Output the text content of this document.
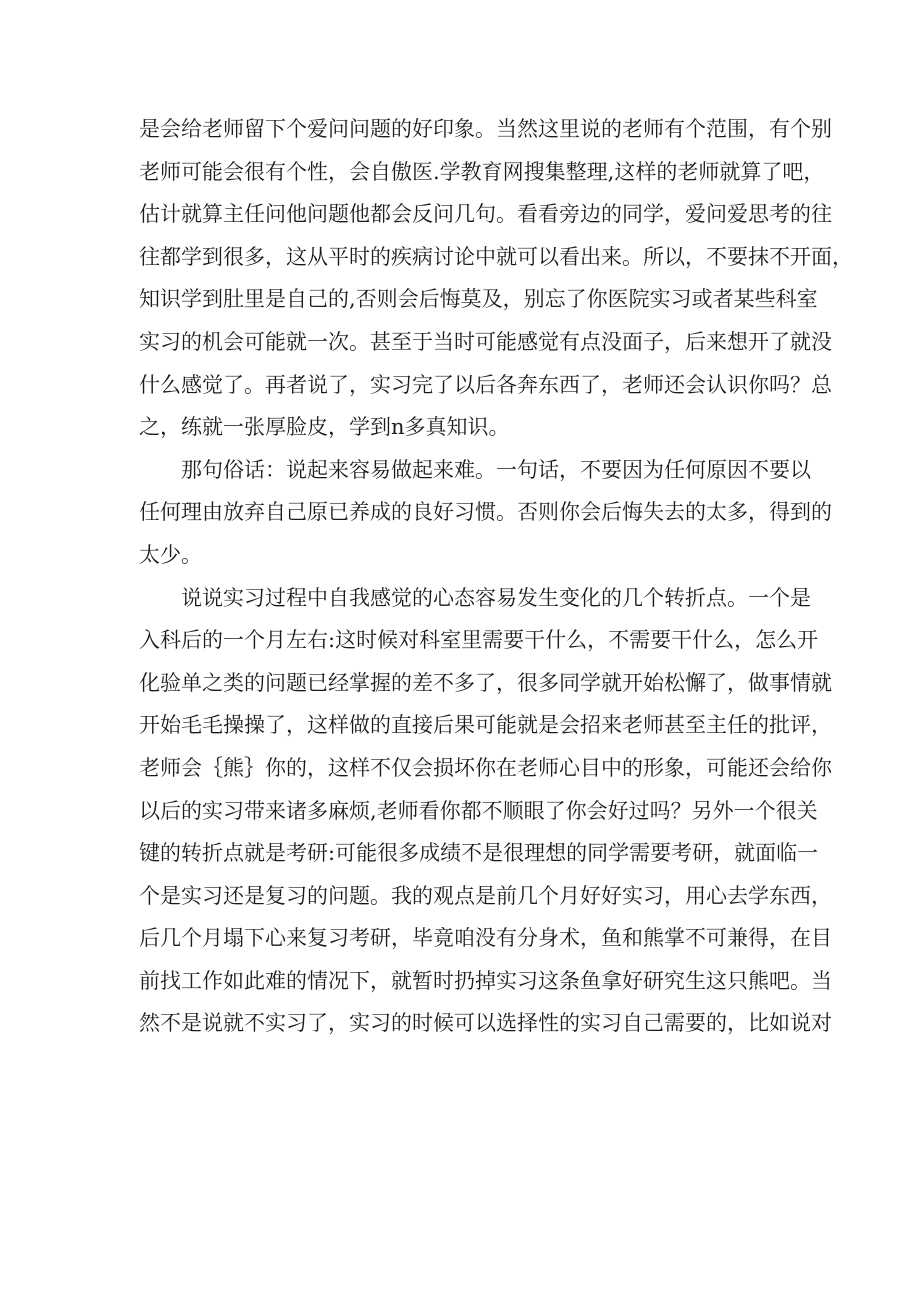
是会给老师留下个爱问问题的好印象。当然这里说的老师有个范围，有个别
老师可能会很有个性，会自傲医.学教育网搜集整理,这样的老师就算了吧，
估计就算主任问他问题他都会反问几句。看看旁边的同学，爱问爱思考的往
往都学到很多，这从平时的疾病讨论中就可以看出来。所以，不要抹不开面，
知识学到肚里是自己的,否则会后悔莫及，别忘了你医院实习或者某些科室
实习的机会可能就一次。甚至于当时可能感觉有点没面子，后来想开了就没
什么感觉了。再者说了，实习完了以后各奔东西了，老师还会认识你吗？总
之，练就一张厚脸皮，学到n多真知识。
那句俗话：说起来容易做起来难。一句话，不要因为任何原因不要以
任何理由放弃自己原已养成的良好习惯。否则你会后悔失去的太多，得到的
太少。
说说实习过程中自我感觉的心态容易发生变化的几个转折点。一个是
入科后的一个月左右:这时候对科室里需要干什么，不需要干什么，怎么开
化验单之类的问题已经掌握的差不多了，很多同学就开始松懈了，做事情就
开始毛毛操操了，这样做的直接后果可能就是会招来老师甚至主任的批评，
老师会｛熊｝你的，这样不仅会损坏你在老师心目中的形象，可能还会给你
以后的实习带来诸多麻烦,老师看你都不顺眼了你会好过吗？另外一个很关
键的转折点就是考研:可能很多成绩不是很理想的同学需要考研，就面临一
个是实习还是复习的问题。我的观点是前几个月好好实习，用心去学东西，
后几个月塌下心来复习考研，毕竟咱没有分身术，鱼和熊掌不可兼得，在目
前找工作如此难的情况下，就暂时扔掉实习这条鱼拿好研究生这只熊吧。当
然不是说就不实习了，实习的时候可以选择性的实习自己需要的，比如说对
